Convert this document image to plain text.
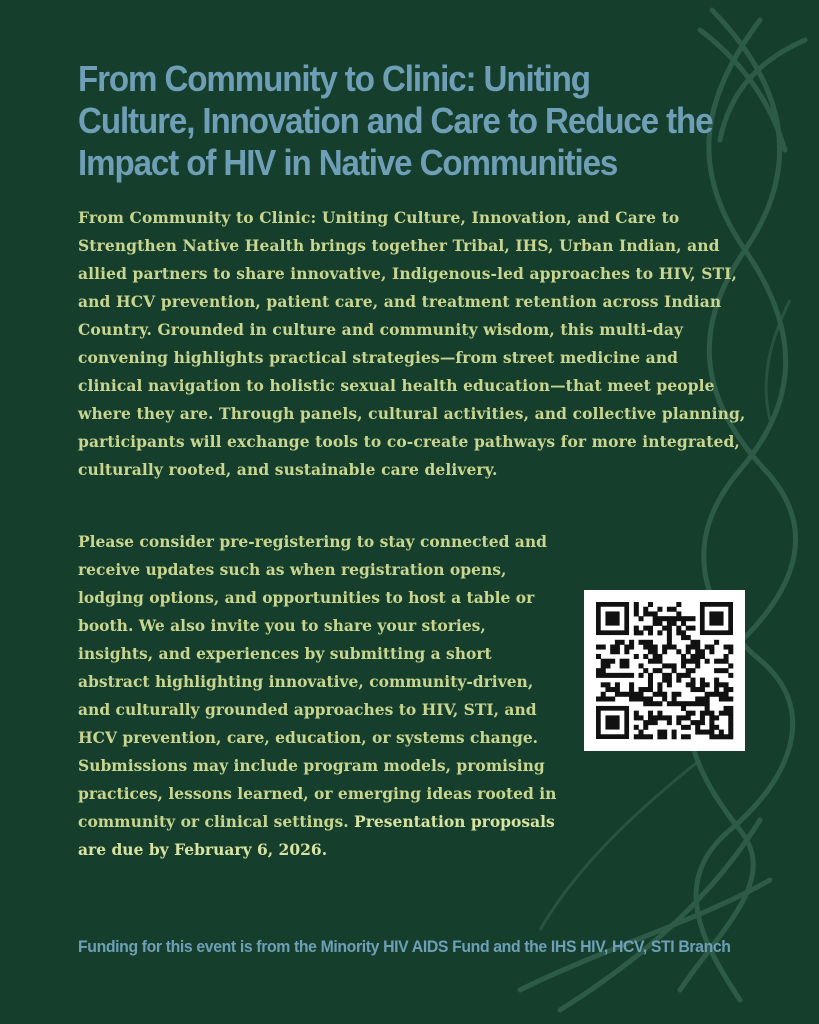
From Community to Clinic: Uniting Culture, Innovation and Care to Reduce the Impact of HIV in Native Communities

From Community to Clinic: Uniting Culture, Innovation, and Care to Strengthen Native Health brings together Tribal, IHS, Urban Indian, and allied partners to share innovative, Indigenous-led approaches to HIV, STI, and HCV prevention, patient care, and treatment retention across Indian Country. Grounded in culture and community wisdom, this multi-day convening highlights practical strategies—from street medicine and clinical navigation to holistic sexual health education—that meet people where they are. Through panels, cultural activities, and collective planning, participants will exchange tools to co-create pathways for more integrated, culturally rooted, and sustainable care delivery.

Please consider pre-registering to stay connected and receive updates such as when registration opens, lodging options, and opportunities to host a table or booth. We also invite you to share your stories, insights, and experiences by submitting a short abstract highlighting innovative, community-driven, and culturally grounded approaches to HIV, STI, and HCV prevention, care, education, or systems change. Submissions may include program models, promising practices, lessons learned, or emerging ideas rooted in community or clinical settings. Presentation proposals are due by February 6, 2026.

Funding for this event is from the Minority HIV AIDS Fund and the IHS HIV, HCV, STI Branch
